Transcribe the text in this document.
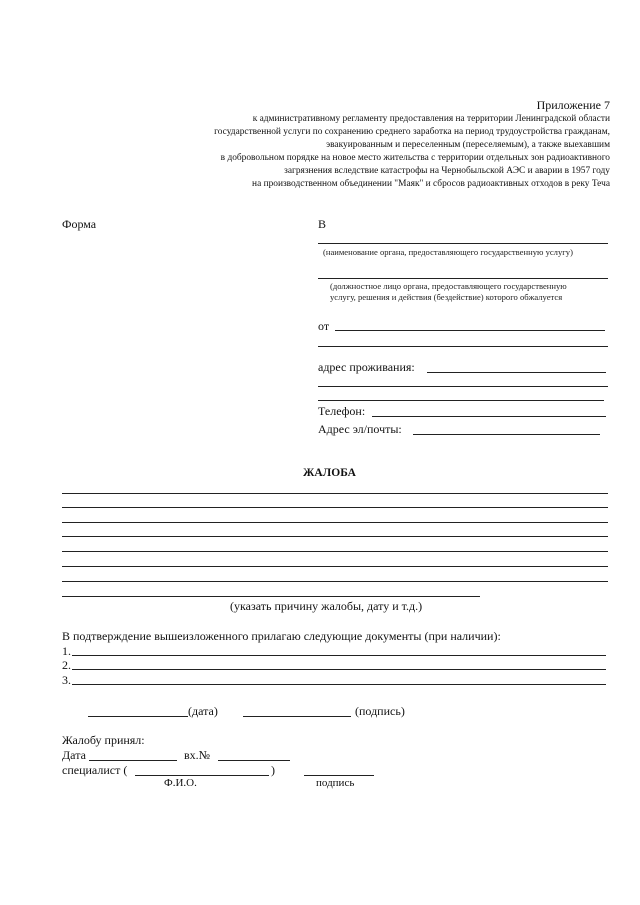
Приложение 7
к административному регламенту предоставления на территории Ленинградской области
государственной услуги по сохранению среднего заработка на период трудоустройства гражданам,
эвакуированным и переселенным (переселяемым), а также выехавшим
в добровольном порядке на новое место жительства с территории отдельных зон радиоактивного
загрязнения вследствие катастрофы на Чернобыльской АЭС и аварии в 1957 году
на производственном объединении "Маяк" и сбросов радиоактивных отходов в реку Теча
Форма	В
(наименование органа, предоставляющего государственную услугу)
(должностное лицо органа, предоставляющего государственную
услугу, решения и действия (бездействие) которого обжалуется
от
адрес проживания:
Телефон:
Адрес эл/почты:
ЖАЛОБА
(указать причину жалобы, дату и т.д.)
В подтверждение вышеизложенного прилагаю следующие документы (при наличии):
1.
2.
3.
(дата)	(подпись)
Жалобу принял:
Дата	вх.№
специалист (	)
Ф.И.О.	подпись
